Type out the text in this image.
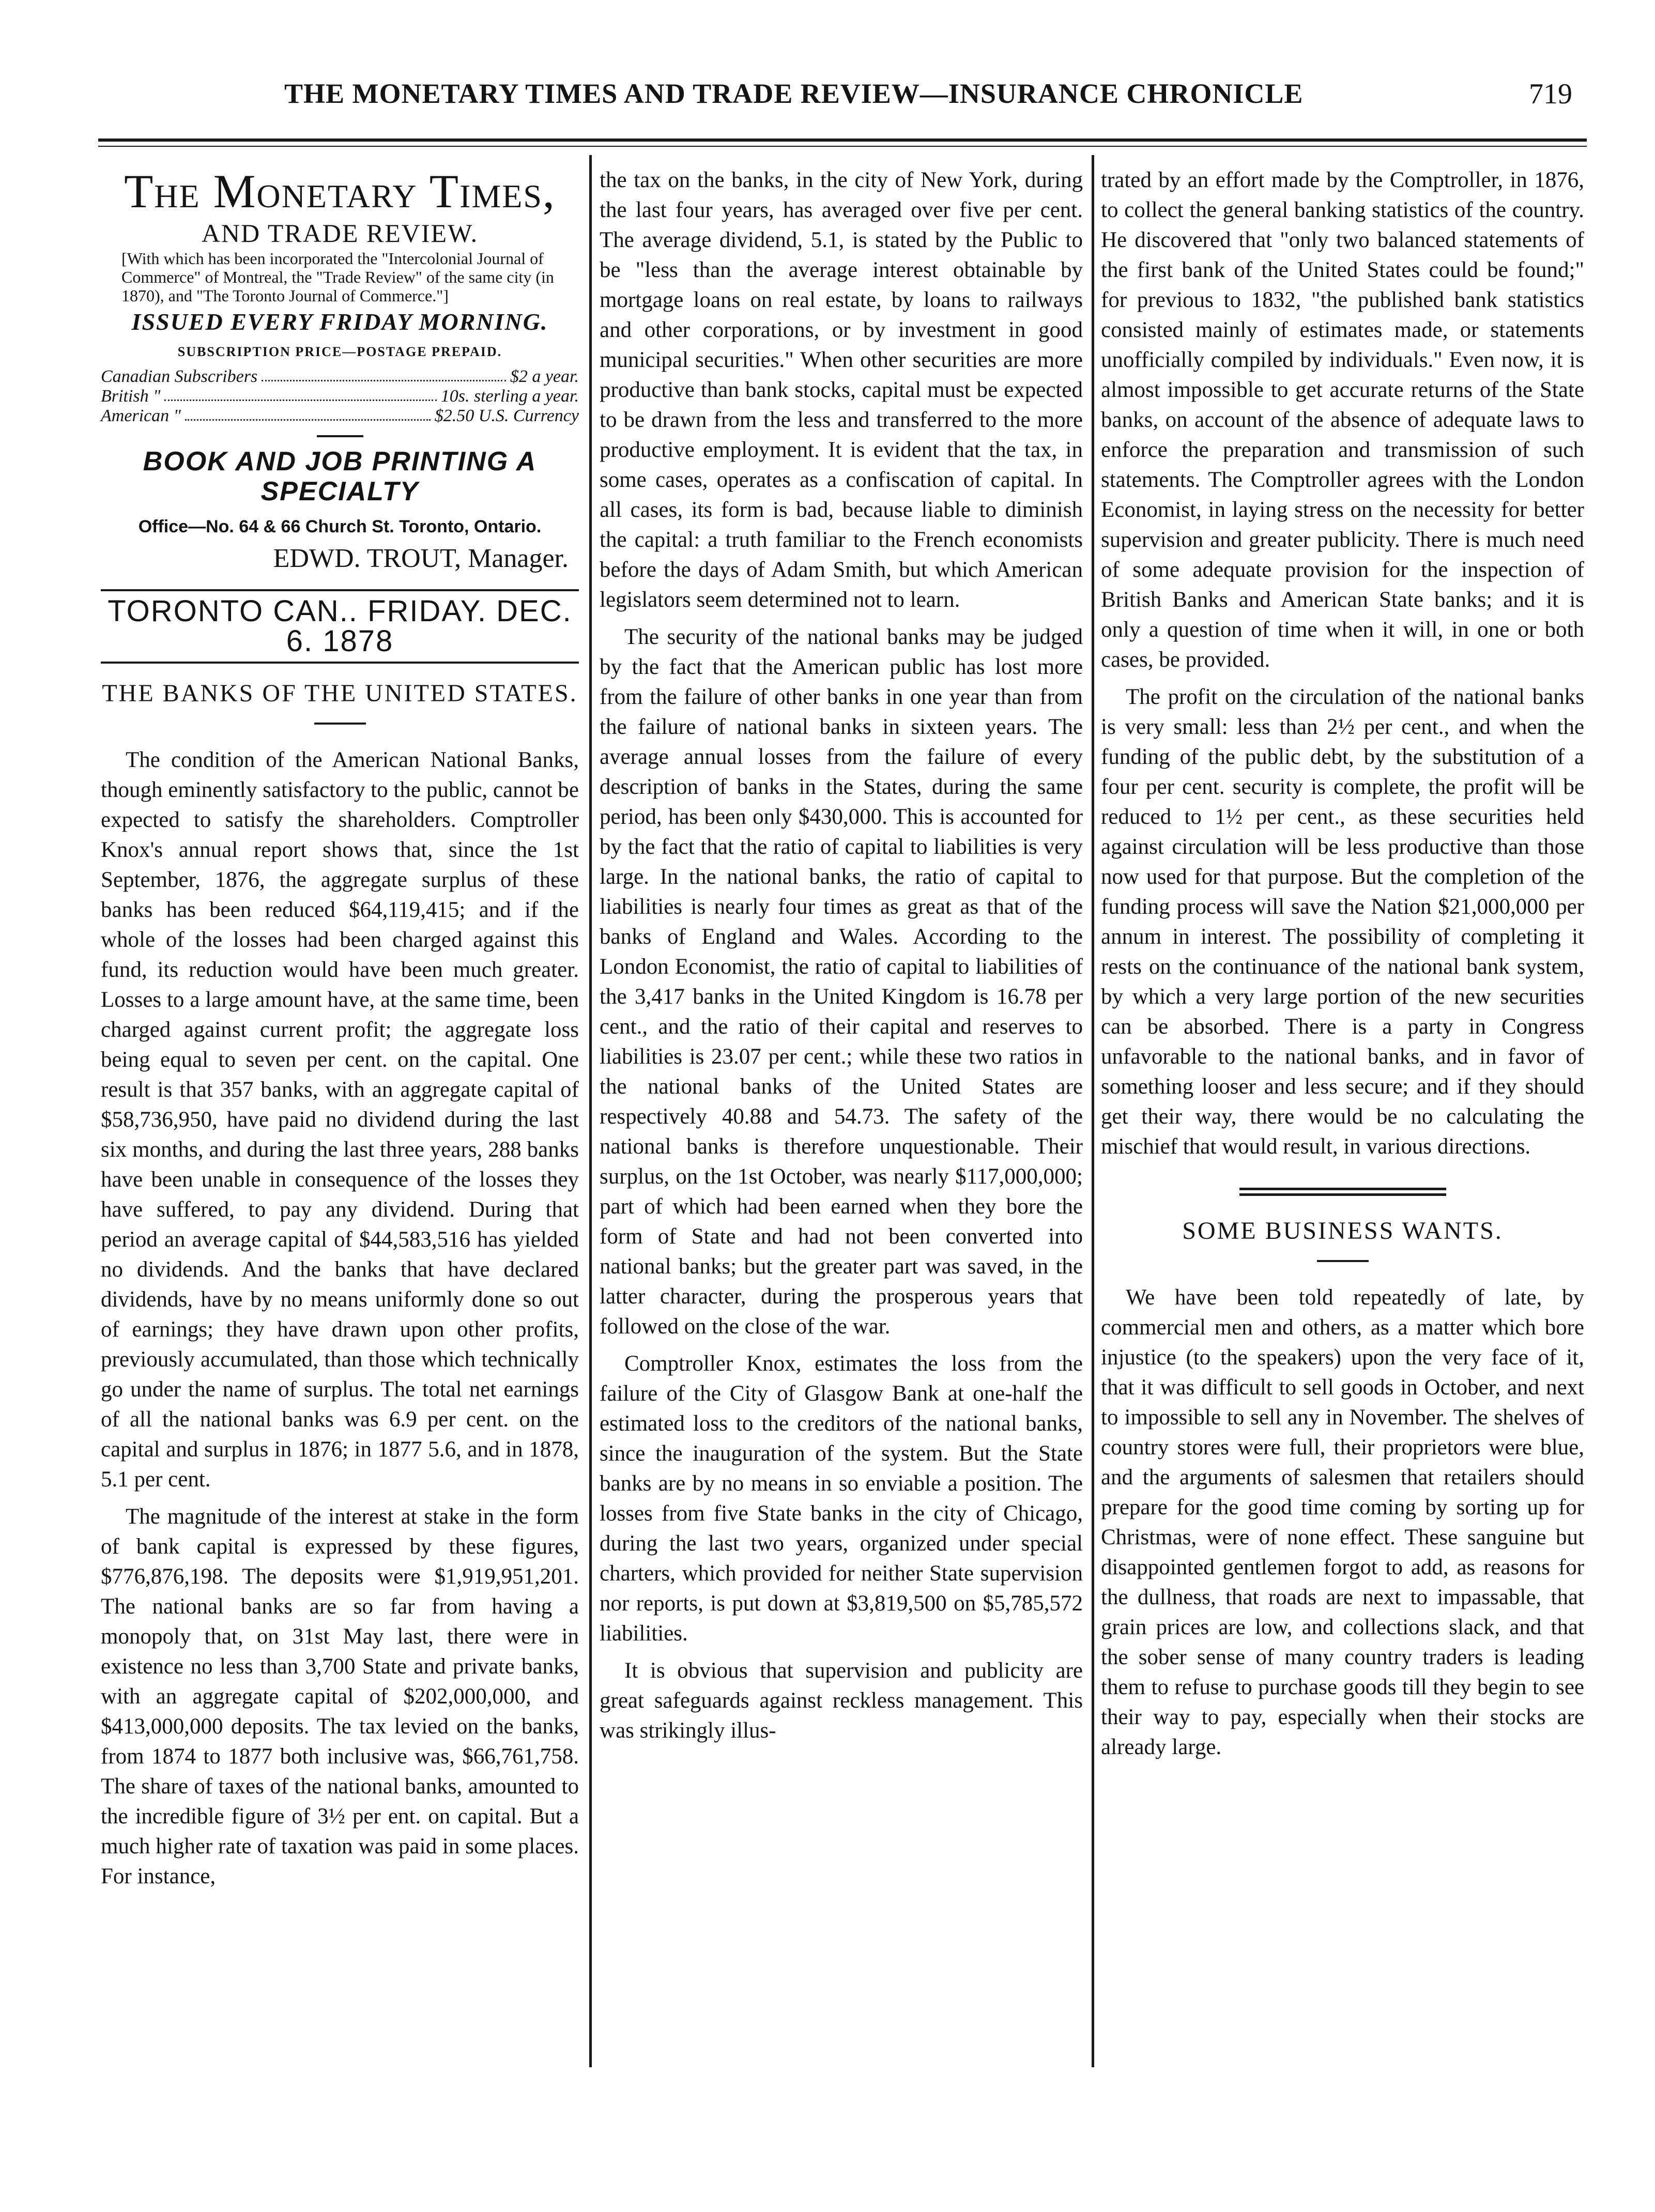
THE MONETARY TIMES AND TRADE REVIEW—INSURANCE CHRONICLE	719
The Monetary Times,
AND TRADE REVIEW.
[With which has been incorporated the "Intercolonial Journal of Commerce" of Montreal, the "Trade Review" of the same city (in 1870), and "The Toronto Journal of Commerce."]
ISSUED EVERY FRIDAY MORNING.
SUBSCRIPTION PRICE—POSTAGE PREPAID.
Canadian Subscribers	$2 a year.
British "	10s. sterling a year.
American "	$2.50 U.S. Currency
BOOK AND JOB PRINTING A SPECIALTY
Office—No. 64 & 66 Church St. Toronto, Ontario.
EDWD. TROUT, Manager.
TORONTO CAN.. FRIDAY. DEC. 6. 1878
THE BANKS OF THE UNITED STATES.

The condition of the American National Banks, though eminently satisfactory to the public, cannot be expected to satisfy the shareholders. Comptroller Knox's annual report shows that, since the 1st September, 1876, the aggregate surplus of these banks has been reduced $64,119,415; and if the whole of the losses had been charged against this fund, its reduction would have been much greater. Losses to a large amount have, at the same time, been charged against current profit; the aggregate loss being equal to seven per cent. on the capital. One result is that 357 banks, with an aggregate capital of $58,736,950, have paid no dividend during the last six months, and during the last three years, 288 banks have been unable in consequence of the losses they have suffered, to pay any dividend. During that period an average capital of $44,583,516 has yielded no dividends. And the banks that have declared dividends, have by no means uniformly done so out of earnings; they have drawn upon other profits, previously accumulated, than those which technically go under the name of surplus. The total net earnings of all the national banks was 6.9 per cent. on the capital and surplus in 1876; in 1877 5.6, and in 1878, 5.1 per cent.

The magnitude of the interest at stake in the form of bank capital is expressed by these figures, $776,876,198. The deposits were $1,919,951,201. The national banks are so far from having a monopoly that, on 31st May last, there were in existence no less than 3,700 State and private banks, with an aggregate capital of $202,000,000, and $413,000,000 deposits. The tax levied on the banks, from 1874 to 1877 both inclusive was, $66,761,758. The share of taxes of the national banks, amounted to the incredible figure of 3½ per ent. on capital. But a much higher rate of taxation was paid in some places. For instance,

the tax on the banks, in the city of New York, during the last four years, has averaged over five per cent. The average dividend, 5.1, is stated by the Public to be "less than the average interest obtainable by mortgage loans on real estate, by loans to railways and other corporations, or by investment in good municipal securities." When other securities are more productive than bank stocks, capital must be expected to be drawn from the less and transferred to the more productive employment. It is evident that the tax, in some cases, operates as a confiscation of capital. In all cases, its form is bad, because liable to diminish the capital: a truth familiar to the French economists before the days of Adam Smith, but which American legislators seem determined not to learn.

The security of the national banks may be judged by the fact that the American public has lost more from the failure of other banks in one year than from the failure of national banks in sixteen years. The average annual losses from the failure of every description of banks in the States, during the same period, has been only $430,000. This is accounted for by the fact that the ratio of capital to liabilities is very large. In the national banks, the ratio of capital to liabilities is nearly four times as great as that of the banks of England and Wales. According to the London Economist, the ratio of capital to liabilities of the 3,417 banks in the United Kingdom is 16.78 per cent., and the ratio of their capital and reserves to liabilities is 23.07 per cent.; while these two ratios in the national banks of the United States are respectively 40.88 and 54.73. The safety of the national banks is therefore unquestionable. Their surplus, on the 1st October, was nearly $117,000,000; part of which had been earned when they bore the form of State and had not been converted into national banks; but the greater part was saved, in the latter character, during the prosperous years that followed on the close of the war.

Comptroller Knox, estimates the loss from the failure of the City of Glasgow Bank at one-half the estimated loss to the creditors of the national banks, since the inauguration of the system. But the State banks are by no means in so enviable a position. The losses from five State banks in the city of Chicago, during the last two years, organized under special charters, which provided for neither State supervision nor reports, is put down at $3,819,500 on $5,785,572 liabilities.

It is obvious that supervision and publicity are great safeguards against reckless management. This was strikingly illus-

trated by an effort made by the Comptroller, in 1876, to collect the general banking statistics of the country. He discovered that "only two balanced statements of the first bank of the United States could be found;" for previous to 1832, "the published bank statistics consisted mainly of estimates made, or statements unofficially compiled by individuals." Even now, it is almost impossible to get accurate returns of the State banks, on account of the absence of adequate laws to enforce the preparation and transmission of such statements. The Comptroller agrees with the London Economist, in laying stress on the necessity for better supervision and greater publicity. There is much need of some adequate provision for the inspection of British Banks and American State banks; and it is only a question of time when it will, in one or both cases, be provided.

The profit on the circulation of the national banks is very small: less than 2½ per cent., and when the funding of the public debt, by the substitution of a four per cent. security is complete, the profit will be reduced to 1½ per cent., as these securities held against circulation will be less productive than those now used for that purpose. But the completion of the funding process will save the Nation $21,000,000 per annum in interest. The possibility of completing it rests on the continuance of the national bank system, by which a very large portion of the new securities can be absorbed. There is a party in Congress unfavorable to the national banks, and in favor of something looser and less secure; and if they should get their way, there would be no calculating the mischief that would result, in various directions.

SOME BUSINESS WANTS.

We have been told repeatedly of late, by commercial men and others, as a matter which bore injustice (to the speakers) upon the very face of it, that it was difficult to sell goods in October, and next to impossible to sell any in November. The shelves of country stores were full, their proprietors were blue, and the arguments of salesmen that retailers should prepare for the good time coming by sorting up for Christmas, were of none effect. These sanguine but disappointed gentlemen forgot to add, as reasons for the dullness, that roads are next to impassable, that grain prices are low, and collections slack, and that the sober sense of many country traders is leading them to refuse to purchase goods till they begin to see their way to pay, especially when their stocks are already large.
